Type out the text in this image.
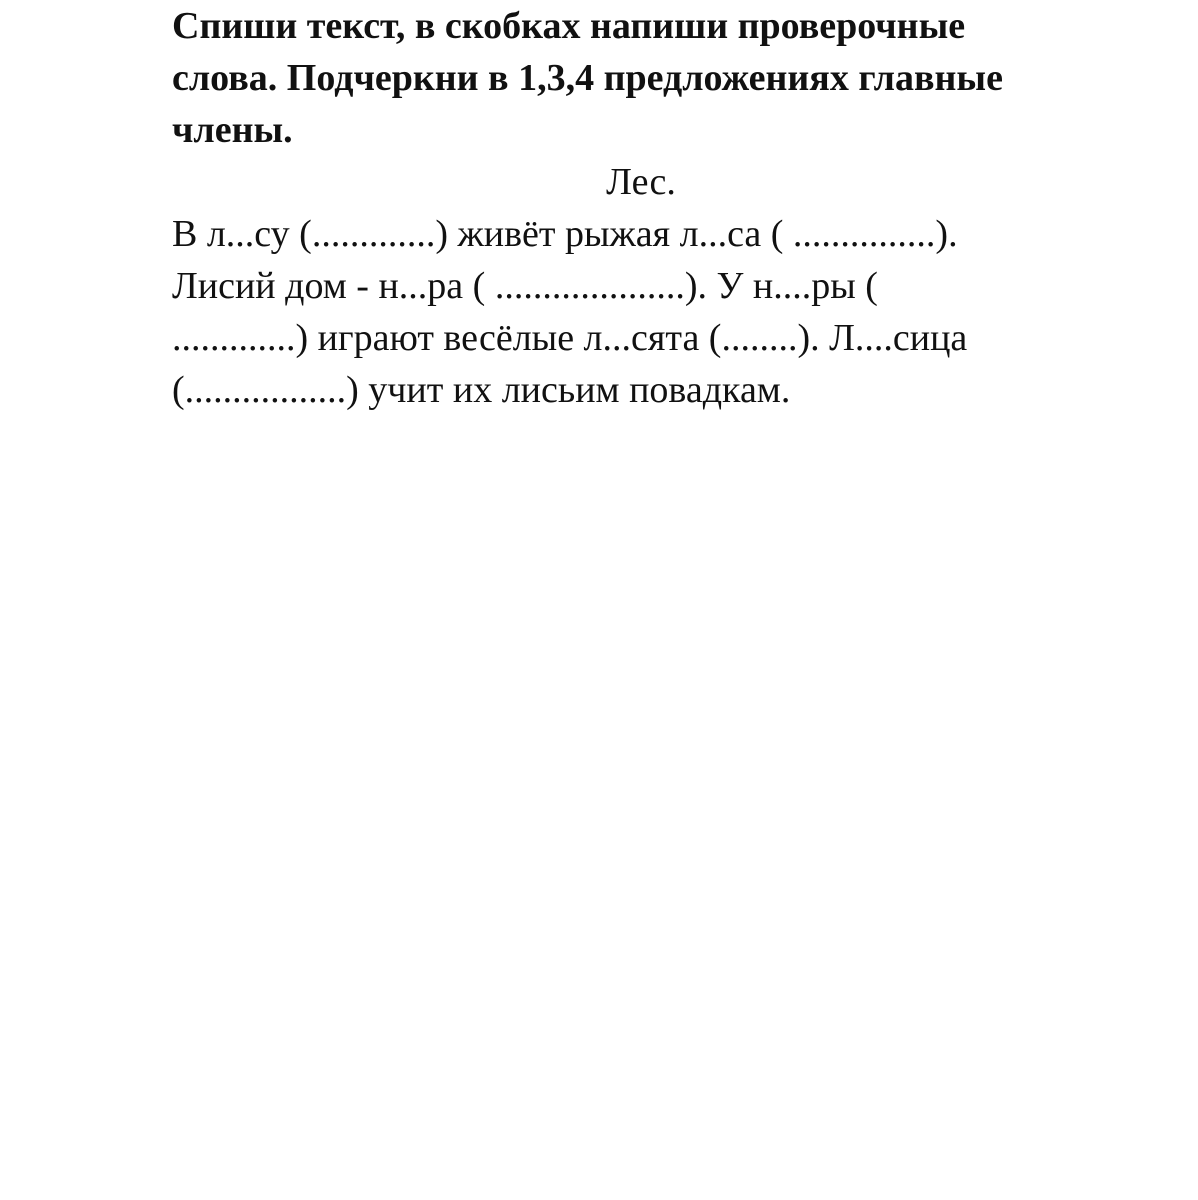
Спиши текст, в скобках напиши проверочные
слова. Подчеркни в 1,3,4 предложениях главные
члены.
Лес.
В л...су (.............) живёт рыжая л...са ( ...............).
Лисий дом - н...ра ( ....................). У н....ры (
.............) играют весёлые л...сята (........). Л....сица
(.................) учит их лисьим повадкам.
